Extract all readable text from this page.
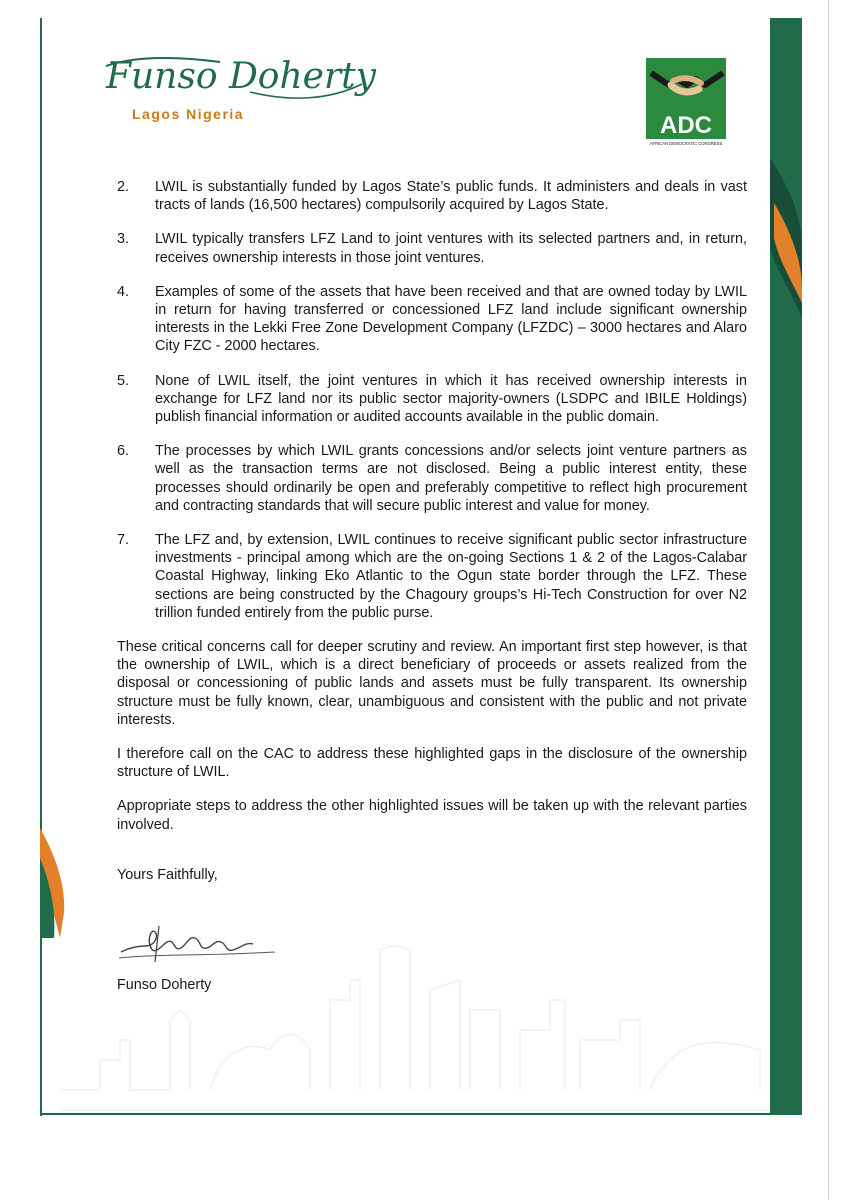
Funso Doherty
Lagos Nigeria	ADC
AFRICAN DEMOCRATIC CONGRESS
2. LWIL is substantially funded by Lagos State’s public funds. It administers and deals in vast tracts of lands (16,500 hectares) compulsorily acquired by Lagos State.
3. LWIL typically transfers LFZ Land to joint ventures with its selected partners and, in return, receives ownership interests in those joint ventures.
4. Examples of some of the assets that have been received and that are owned today by LWIL in return for having transferred or concessioned LFZ land include significant ownership interests in the Lekki Free Zone Development Company (LFZDC) – 3000 hectares and Alaro City FZC - 2000 hectares.
5. None of LWIL itself, the joint ventures in which it has received ownership interests in exchange for LFZ land nor its public sector majority-owners (LSDPC and IBILE Holdings) publish financial information or audited accounts available in the public domain.
6. The processes by which LWIL grants concessions and/or selects joint venture partners as well as the transaction terms are not disclosed. Being a public interest entity, these processes should ordinarily be open and preferably competitive to reflect high procurement and contracting standards that will secure public interest and value for money.
7. The LFZ and, by extension, LWIL continues to receive significant public sector infrastructure investments - principal among which are the on-going Sections 1 & 2 of the Lagos-Calabar Coastal Highway, linking Eko Atlantic to the Ogun state border through the LFZ. These sections are being constructed by the Chagoury groups’s Hi-Tech Construction for over N2 trillion funded entirely from the public purse.

These critical concerns call for deeper scrutiny and review. An important first step however, is that the ownership of LWIL, which is a direct beneficiary of proceeds or assets realized from the disposal or concessioning of public lands and assets must be fully transparent. Its ownership structure must be fully known, clear, unambiguous and consistent with the public and not private interests.

I therefore call on the CAC to address these highlighted gaps in the disclosure of the ownership structure of LWIL.

Appropriate steps to address the other highlighted issues will be taken up with the relevant parties involved.

Yours Faithfully,

Funso Doherty
